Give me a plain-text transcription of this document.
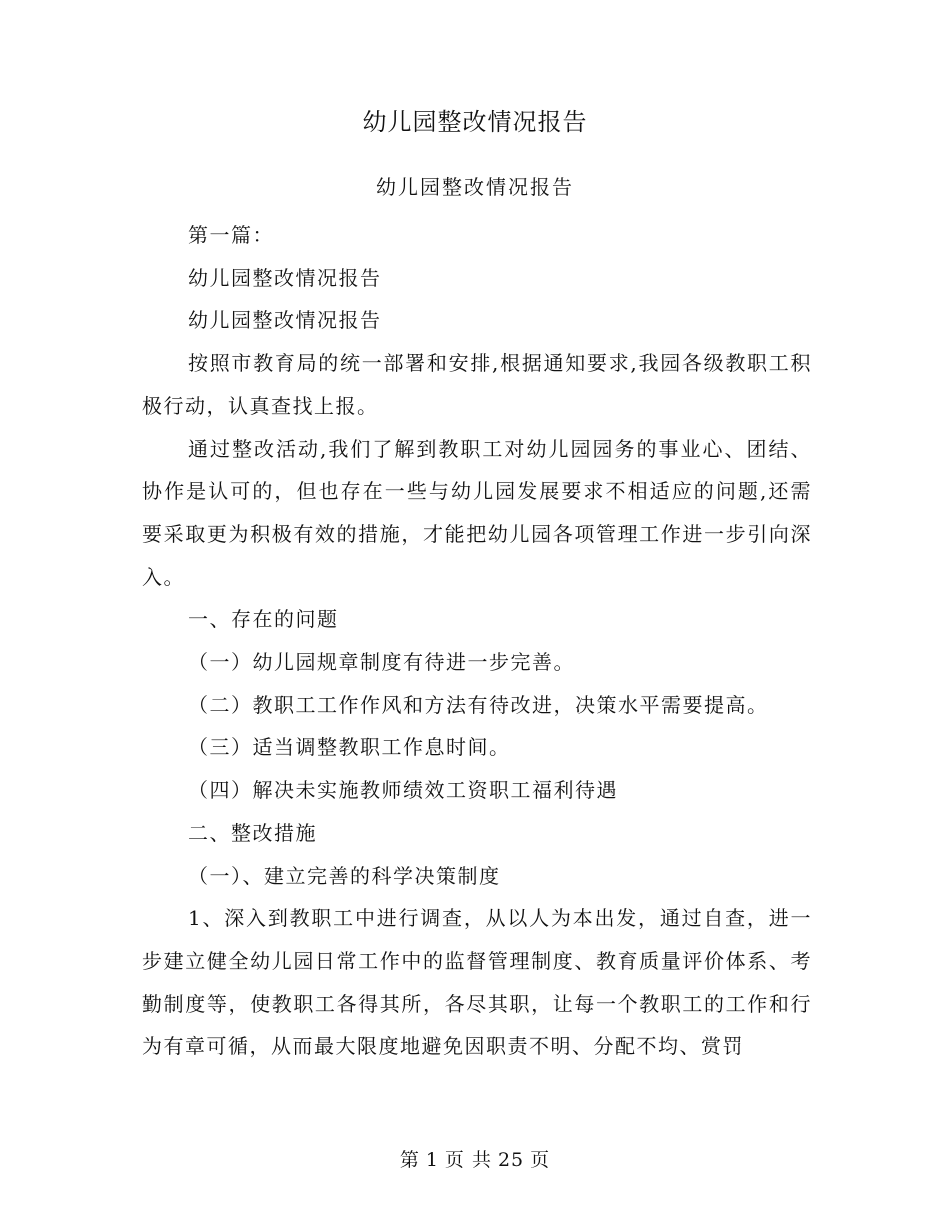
幼儿园整改情况报告
幼儿园整改情况报告

第一篇：

幼儿园整改情况报告

幼儿园整改情况报告

按照市教育局的统一部署和安排,根据通知要求,我园各级教职工积极行动，认真查找上报。

通过整改活动,我们了解到教职工对幼儿园园务的事业心、团结、协作是认可的，但也存在一些与幼儿园发展要求不相适应的问题,还需要采取更为积极有效的措施，才能把幼儿园各项管理工作进一步引向深入。

一、存在的问题

（一）幼儿园规章制度有待进一步完善。

（二）教职工工作作风和方法有待改进，决策水平需要提高。

（三）适当调整教职工作息时间。

（四）解决未实施教师绩效工资职工福利待遇

二、整改措施

（一）、建立完善的科学决策制度

1、深入到教职工中进行调查，从以人为本出发，通过自查，进一步建立健全幼儿园日常工作中的监督管理制度、教育质量评价体系、考勤制度等，使教职工各得其所，各尽其职，让每一个教职工的工作和行为有章可循，从而最大限度地避免因职责不明、分配不均、赏罚

第 1 页 共 25 页
